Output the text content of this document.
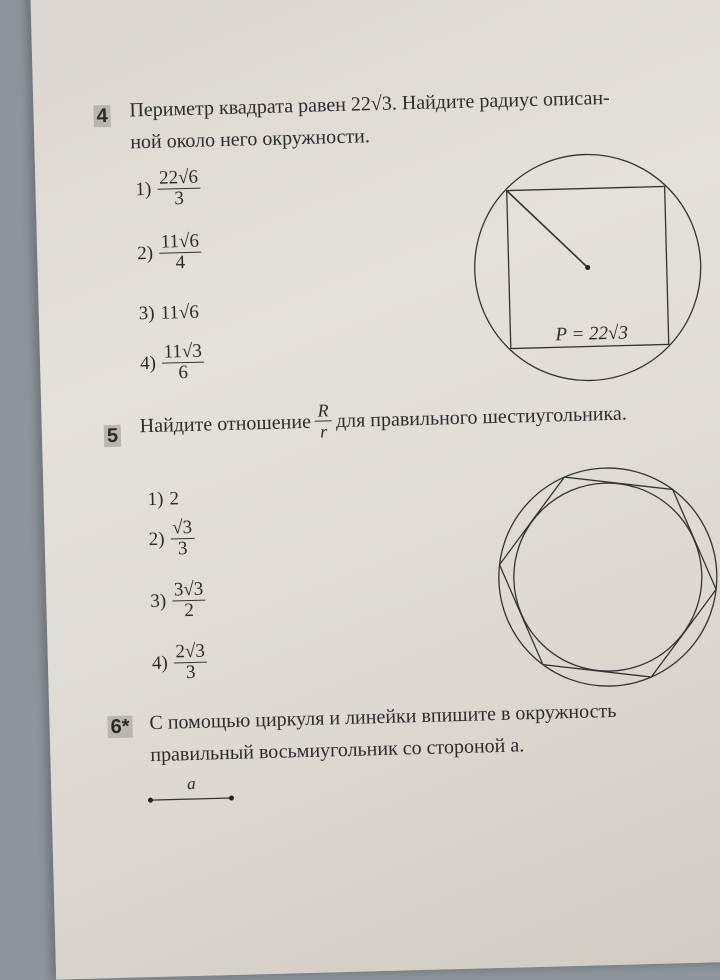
4 Периметр квадрата равен 22√3. Найдите радиус описан-
ной около него окружности.
$1) \frac{22√6}{3}$
$2) \frac{11√6}{4}$
3) 11√6
$4) \frac{11√3}{6}$
P = 22√3
5 Найдите отношение $\frac{R}{r}$ для правильного шестиугольника.
1) 2
$2) \frac{√3}{3}$
$3) \frac{3√3}{2}$
$4) \frac{2√3}{3}$
6* С помощью циркуля и линейки впишите в окружность
правильный восьмиугольник со стороной a.
a
